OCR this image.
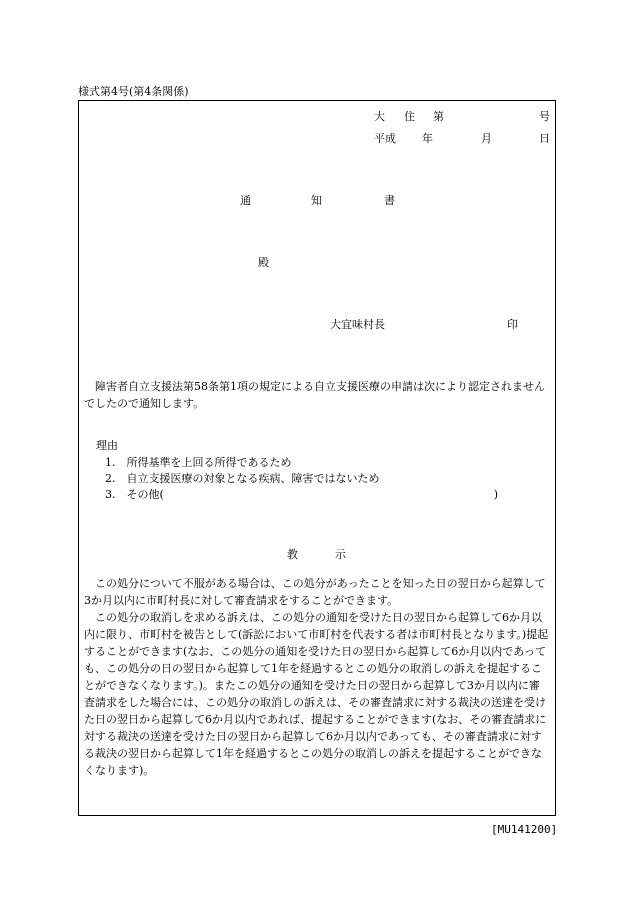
様式第4号(第4条関係)
大 住 第	号
平成 年	月	日
通	知	書
殿
大宜味村長	印
障害者自立支援法第58条第1項の規定による自立支援医療の申請は次により認定されませんでしたので通知します。
理由
1.　所得基準を上回る所得であるため
2.　自立支援医療の対象となる疾病、障害ではないため
3.　その他(　　　　　　　　　　　　　　　　　　　　　　　　　　　　　　)
教	示
この処分について不服がある場合は、この処分があったことを知った日の翌日から起算して3か月以内に市町村長に対して審査請求をすることができます。
この処分の取消しを求める訴えは、この処分の通知を受けた日の翌日から起算して6か月以内に限り、市町村を被告として(訴訟において市町村を代表する者は市町村長となります。)提起することができます(なお、この処分の通知を受けた日の翌日から起算して6か月以内であっても、この処分の日の翌日から起算して1年を経過するとこの処分の取消しの訴えを提起することができなくなります。)。またこの処分の通知を受けた日の翌日から起算して3か月以内に審査請求をした場合には、この処分の取消しの訴えは、その審査請求に対する裁決の送達を受けた日の翌日から起算して6か月以内であれば、提起することができます(なお、その審査請求に対する裁決の送達を受けた日の翌日から起算して6か月以内であっても、その審査請求に対する裁決の翌日から起算して1年を経過するとこの処分の取消しの訴えを提起することができなくなります)。
[MU141200]
